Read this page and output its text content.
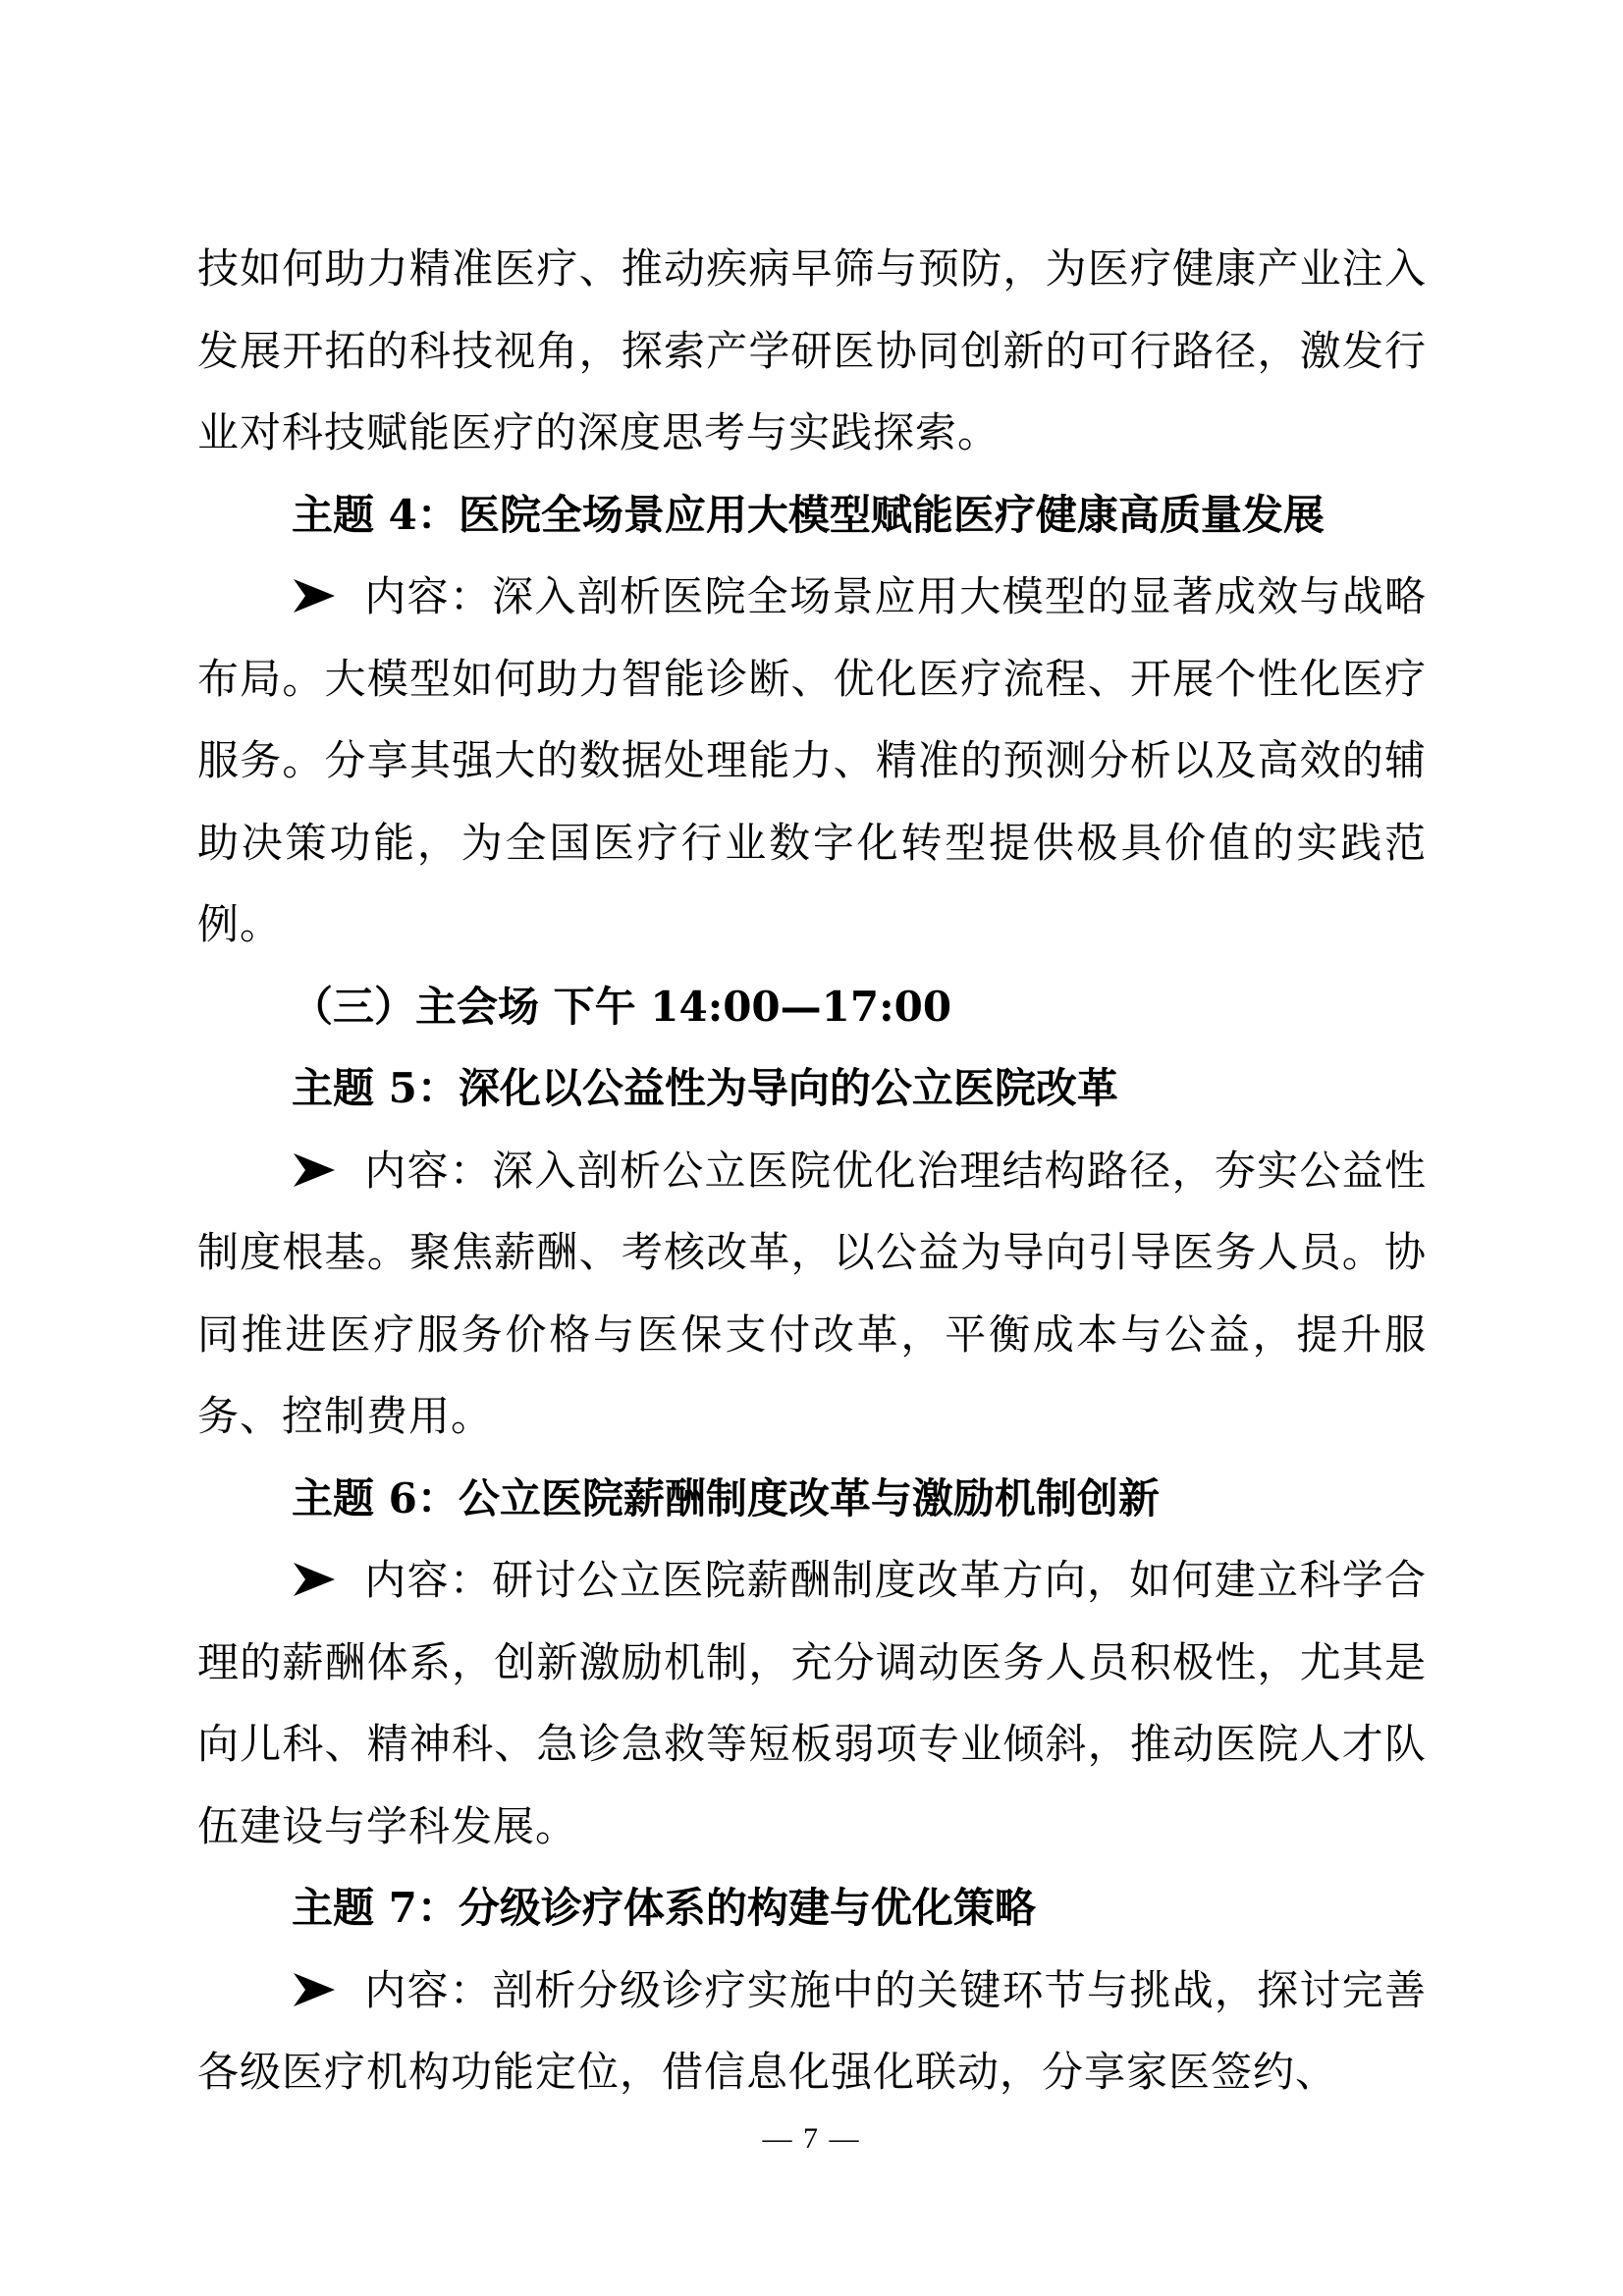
技如何助力精准医疗、推动疾病早筛与预防，为医疗健康产业注入发展开拓的科技视角，探索产学研医协同创新的可行路径，激发行业对科技赋能医疗的深度思考与实践探索。

主题 4：医院全场景应用大模型赋能医疗健康高质量发展

内容：深入剖析医院全场景应用大模型的显著成效与战略布局。大模型如何助力智能诊断、优化医疗流程、开展个性化医疗服务。分享其强大的数据处理能力、精准的预测分析以及高效的辅助决策功能，为全国医疗行业数字化转型提供极具价值的实践范例。

（三）主会场 下午 14:00—17:00

主题 5：深化以公益性为导向的公立医院改革

内容：深入剖析公立医院优化治理结构路径，夯实公益性制度根基。聚焦薪酬、考核改革，以公益为导向引导医务人员。协同推进医疗服务价格与医保支付改革，平衡成本与公益，提升服务、控制费用。

主题 6：公立医院薪酬制度改革与激励机制创新

内容：研讨公立医院薪酬制度改革方向，如何建立科学合理的薪酬体系，创新激励机制，充分调动医务人员积极性，尤其是向儿科、精神科、急诊急救等短板弱项专业倾斜，推动医院人才队伍建设与学科发展。

主题 7：分级诊疗体系的构建与优化策略

内容：剖析分级诊疗实施中的关键环节与挑战，探讨完善各级医疗机构功能定位，借信息化强化联动，分享家医签约、

— 7 —
